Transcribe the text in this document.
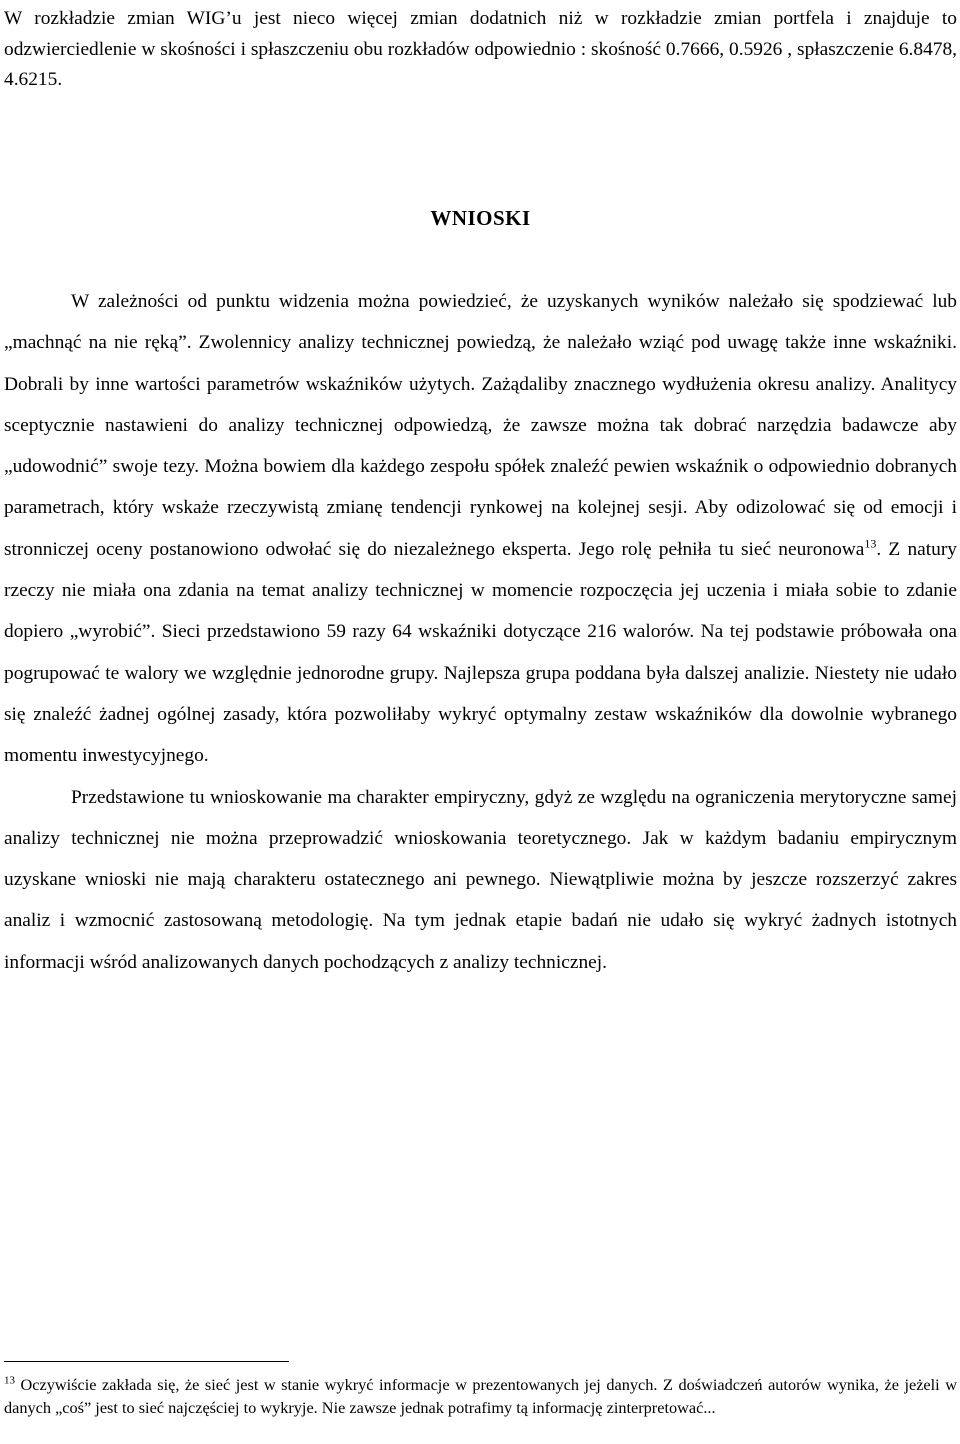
W rozkładzie zmian WIG’u jest nieco więcej zmian dodatnich niż w rozkładzie zmian portfela i znajduje to odzwierciedlenie w skośności i spłaszczeniu obu rozkładów odpowiednio : skośność 0.7666, 0.5926 , spłaszczenie 6.8478, 4.6215.

WNIOSKI

W zależności od punktu widzenia można powiedzieć, że uzyskanych wyników należało się spodziewać lub „machnąć na nie ręką”. Zwolennicy analizy technicznej powiedzą, że należało wziąć pod uwagę także inne wskaźniki. Dobrali by inne wartości parametrów wskaźników użytych. Zażądaliby znacznego wydłużenia okresu analizy. Analitycy sceptycznie nastawieni do analizy technicznej odpowiedzą, że zawsze można tak dobrać narzędzia badawcze aby „udowodnić” swoje tezy. Można bowiem dla każdego zespołu spółek znaleźć pewien wskaźnik o odpowiednio dobranych parametrach, który wskaże rzeczywistą zmianę tendencji rynkowej na kolejnej sesji. Aby odizolować się od emocji i stronniczej oceny postanowiono odwołać się do niezależnego eksperta. Jego rolę pełniła tu sieć neuronowa$^{13}$. Z natury rzeczy nie miała ona zdania na temat analizy technicznej w momencie rozpoczęcia jej uczenia i miała sobie to zdanie dopiero „wyrobić”. Sieci przedstawiono 59 razy 64 wskaźniki dotyczące 216 walorów. Na tej podstawie próbowała ona pogrupować te walory we względnie jednorodne grupy. Najlepsza grupa poddana była dalszej analizie. Niestety nie udało się znaleźć żadnej ogólnej zasady, która pozwoliłaby wykryć optymalny zestaw wskaźników dla dowolnie wybranego momentu inwestycyjnego.

Przedstawione tu wnioskowanie ma charakter empiryczny, gdyż ze względu na ograniczenia merytoryczne samej analizy technicznej nie można przeprowadzić wnioskowania teoretycznego. Jak w każdym badaniu empirycznym uzyskane wnioski nie mają charakteru ostatecznego ani pewnego. Niewątpliwie można by jeszcze rozszerzyć zakres analiz i wzmocnić zastosowaną metodologię. Na tym jednak etapie badań nie udało się wykryć żadnych istotnych informacji wśród analizowanych danych pochodzących z analizy technicznej.

$^{13}$ Oczywiście zakłada się, że sieć jest w stanie wykryć informacje w prezentowanych jej danych. Z doświadczeń autorów wynika, że jeżeli w danych „coś” jest to sieć najczęściej to wykryje. Nie zawsze jednak potrafimy tą informację zinterpretować...
